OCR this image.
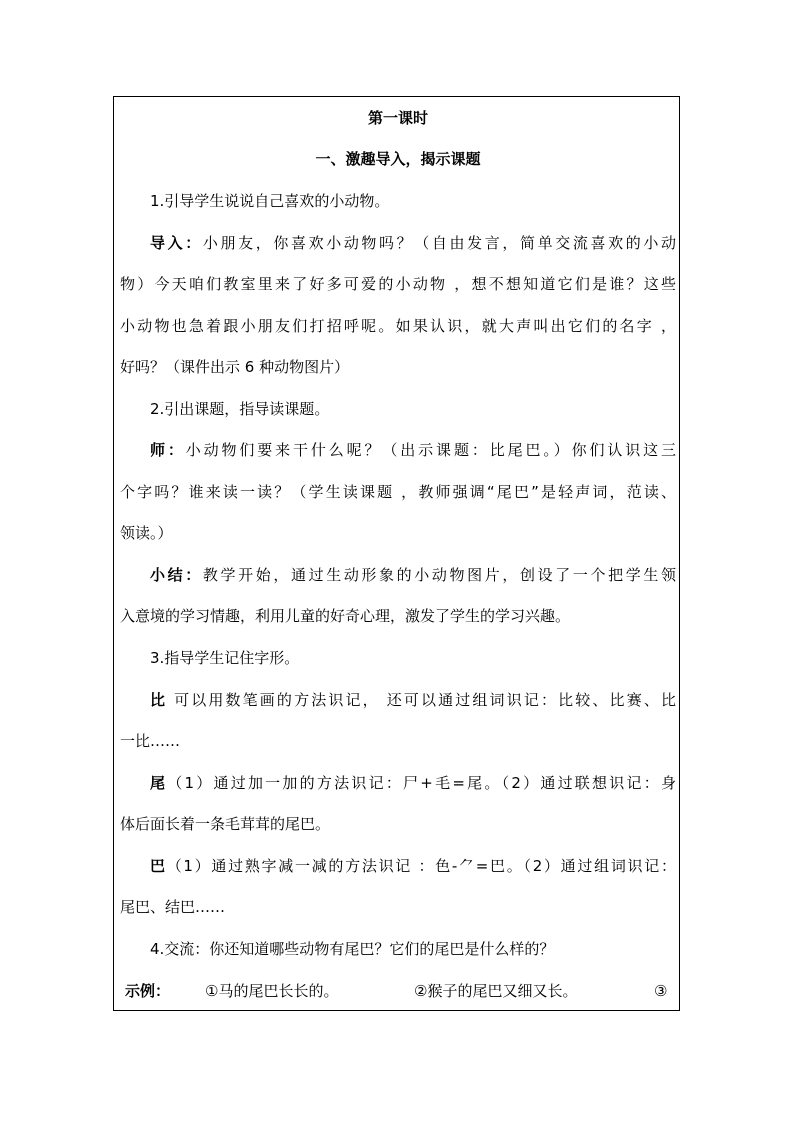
第一课时
一、激趣导入，揭示课题
1.引导学生说说自己喜欢的小动物。
导入：小朋友，你喜欢小动物吗？（自由发言，简单交流喜欢的小动
物）今天咱们教室里来了好多可爱的小动物 ，想不想知道它们是谁？这些
小动物也急着跟小朋友们打招呼呢。如果认识，就大声叫出它们的名字 ，
好吗？（课件出示 6 种动物图片）
2.引出课题，指导读课题。
师：小动物们要来干什么呢？（出示课题：比尾巴。）你们认识这三
个字吗？谁来读一读？（学生读课题 ，教师强调“尾巴”是轻声词，范读、
领读。）
小结：教学开始，通过生动形象的小动物图片，创设了一个把学生领
入意境的学习情趣，利用儿童的好奇心理，激发了学生的学习兴趣。
3.指导学生记住字形。
比 可以用数笔画的方法识记， 还可以通过组词识记：比较、比赛、比
一比……
尾（1）通过加一加的方法识记：尸+毛=尾。（2）通过联想识记：身
体后面长着一条毛茸茸的尾巴。
巴（1）通过熟字减一减的方法识记 ：色-⺈=巴。（2）通过组词识记：
尾巴、结巴……
4.交流：你还知道哪些动物有尾巴？它们的尾巴是什么样的？
示例： ①马的尾巴长长的。	②猴子的尾巴又细又长。	③
